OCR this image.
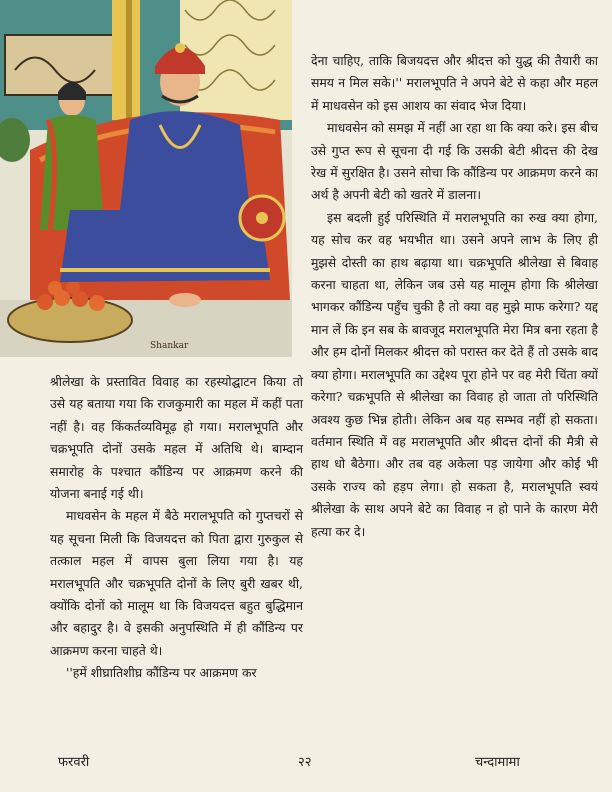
Shankar

देना चाहिए, ताकि बिजयदत्त और श्रीदत्त को युद्ध की तैयारी का समय न मिल सके।'' मरालभूपति ने अपने बेटे से कहा और महल में माधवसेन को इस आशय का संवाद भेज दिया।

माधवसेन को समझ में नहीं आ रहा था कि क्या करे। इस बीच उसे गुप्त रूप से सूचना दी गई कि उसकी बेटी श्रीदत्त की देख रेख में सुरक्षित है। उसने सोचा कि कौंडिन्य पर आक्रमण करने का अर्थ है अपनी बेटी को खतरे में डालना।

इस बदली हुई परिस्थिति में मरालभूपति का रुख क्या होगा, यह सोच कर वह भयभीत था। उसने अपने लाभ के लिए ही मुझसे दोस्ती का हाथ बढ़ाया था। चक्रभूपति श्रीलेखा से बिवाह करना चाहता था, लेकिन जब उसे यह मालूम होगा कि श्रीलेखा भागकर कौंडिन्य पहुँच चुकी है तो क्या वह मुझे माफ करेगा? यद्द मान लें कि इन सब के बावजूद मरालभूपति मेरा मित्र बना रहता है और हम दोनों मिलकर श्रीदत्त को परास्त कर देते हैं तो उसके बाद क्या होगा। मरालभूपति का उद्देश्य पूरा होने पर वह मेरी चिंता क्यों करेगा? चक्रभूपति से श्रीलेखा का विवाह हो जाता तो परिस्थिति अवश्य कुछ भिन्न होती। लेकिन अब यह सम्भव नहीं हो सकता। वर्तमान स्थिति में वह मरालभूपति और श्रीदत्त दोनों की मैत्री से हाथ धो बैठेगा। और तब वह अकेला पड़ जायेगा और कोई भी उसके राज्य को हड़प लेगा। हो सकता है, मरालभूपति स्वयं श्रीलेखा के साथ अपने बेटे का विवाह न हो पाने के कारण मेरी हत्या कर दे।

श्रीलेखा के प्रस्तावित विवाह का रहस्योद्घाटन किया तो उसे यह बताया गया कि राजकुमारी का महल में कहीं पता नहीं है। वह किंकर्तव्यविमूढ़ हो गया। मरालभूपति और चक्रभूपति दोनों उसके महल में अतिथि थे। बाम्दान समारोह के पश्चात कौंडिन्य पर आक्रमण करने की योजना बनाई गई थी।

माधवसेन के महल में बैठे मरालभूपति को गुप्तचरों से यह सूचना मिली कि विजयदत्त को पिता द्वारा गुरुकुल से तत्काल महल में वापस बुला लिया गया है। यह मरालभूपति और चक्रभूपति दोनों के लिए बुरी खबर थी, क्योंकि दोनों को मालूम था कि विजयदत्त बहुत बुद्धिमान और बहादुर है। वे इसकी अनुपस्थिति में ही कौंडिन्य पर आक्रमण करना चाहते थे।

''हमें शीघ्रातिशीघ्र कौंडिन्य पर आक्रमण कर

फरवरी	२२	चन्दामामा
